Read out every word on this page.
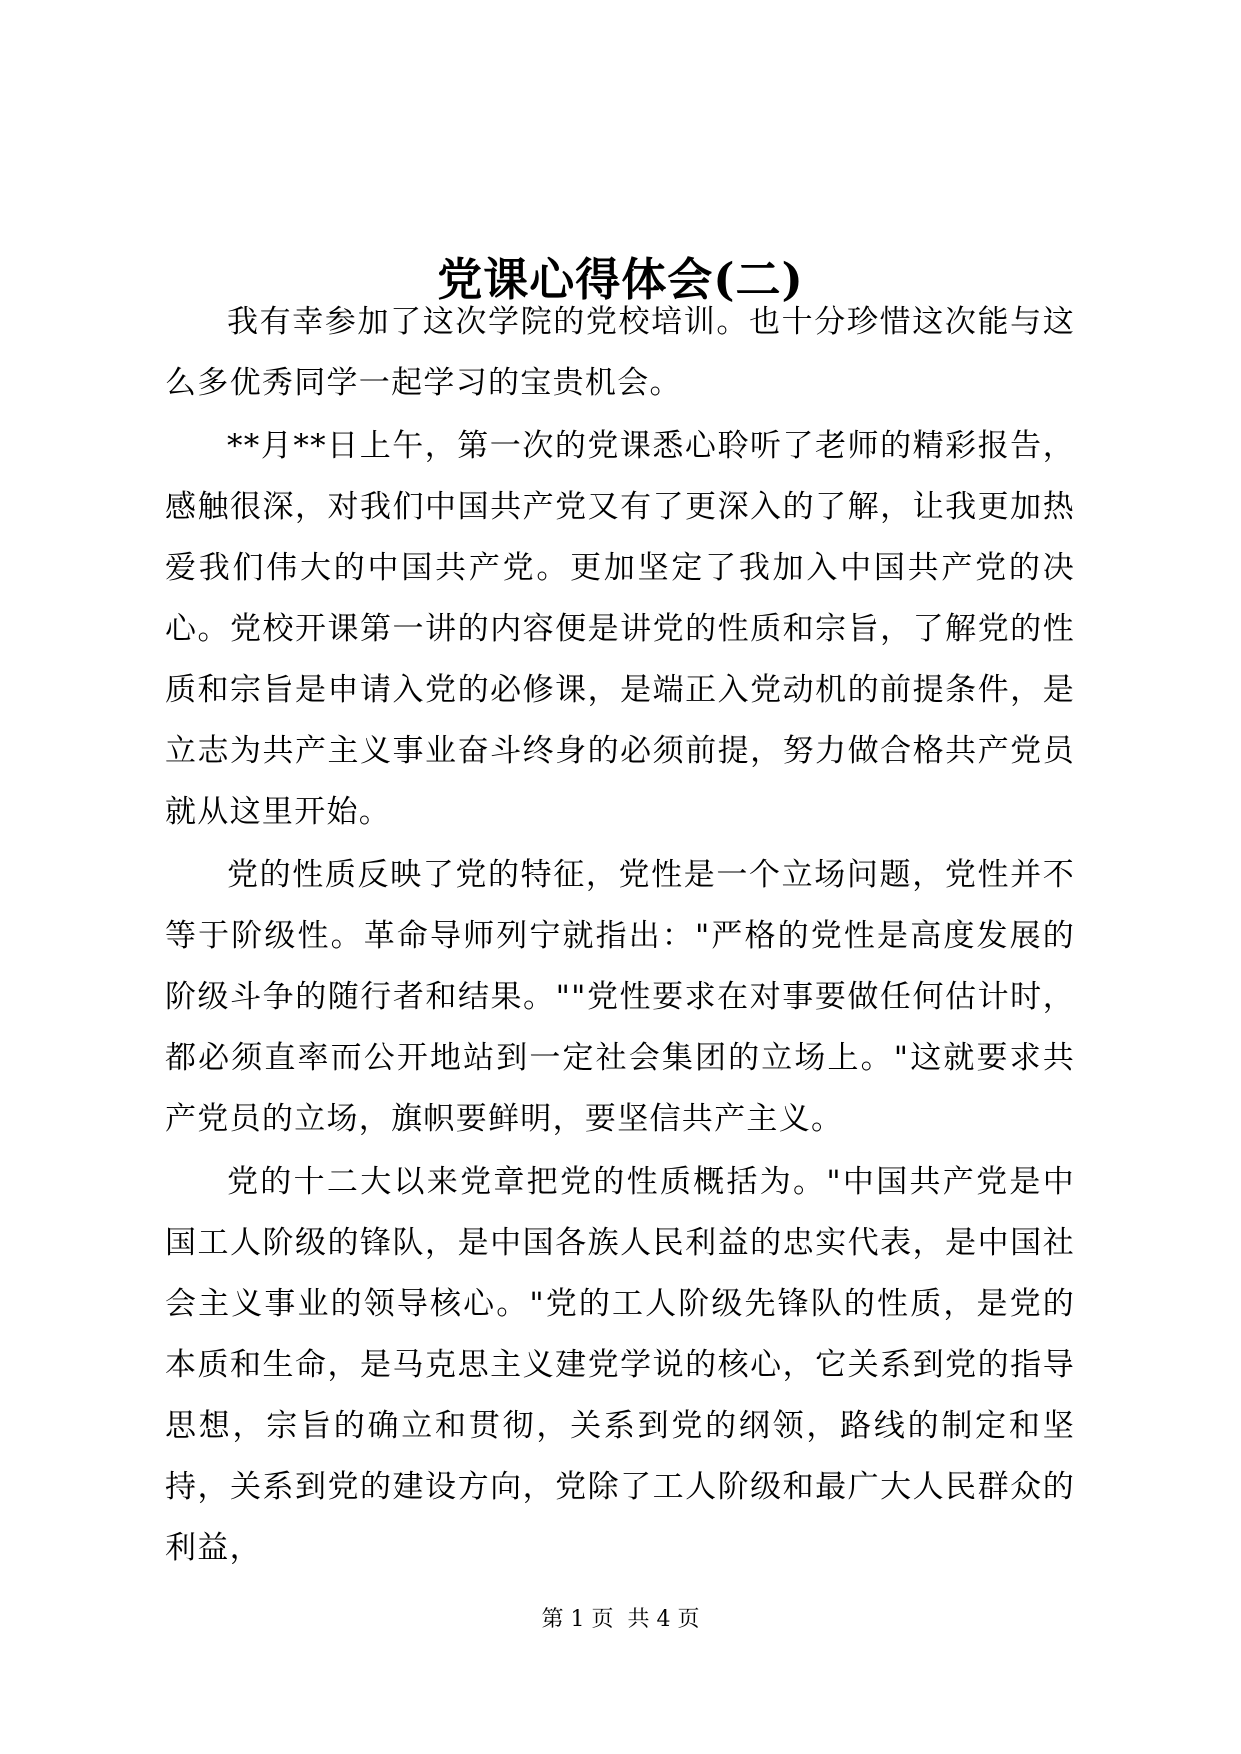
党课心得体会(二)

我有幸参加了这次学院的党校培训。也十分珍惜这次能与这么多优秀同学一起学习的宝贵机会。

**月**日上午，第一次的党课悉心聆听了老师的精彩报告，感触很深，对我们中国共产党又有了更深入的了解，让我更加热爱我们伟大的中国共产党。更加坚定了我加入中国共产党的决心。党校开课第一讲的内容便是讲党的性质和宗旨，了解党的性质和宗旨是申请入党的必修课，是端正入党动机的前提条件，是立志为共产主义事业奋斗终身的必须前提，努力做合格共产党员就从这里开始。

党的性质反映了党的特征，党性是一个立场问题，党性并不等于阶级性。革命导师列宁就指出："严格的党性是高度发展的阶级斗争的随行者和结果。""党性要求在对事要做任何估计时，都必须直率而公开地站到一定社会集团的立场上。"这就要求共产党员的立场，旗帜要鲜明，要坚信共产主义。

党的十二大以来党章把党的性质概括为。"中国共产党是中国工人阶级的锋队，是中国各族人民利益的忠实代表，是中国社会主义事业的领导核心。"党的工人阶级先锋队的性质，是党的本质和生命，是马克思主义建党学说的核心，它关系到党的指导思想，宗旨的确立和贯彻，关系到党的纲领，路线的制定和坚持，关系到党的建设方向，党除了工人阶级和最广大人民群众的利益，

第 1 页 共 4 页
